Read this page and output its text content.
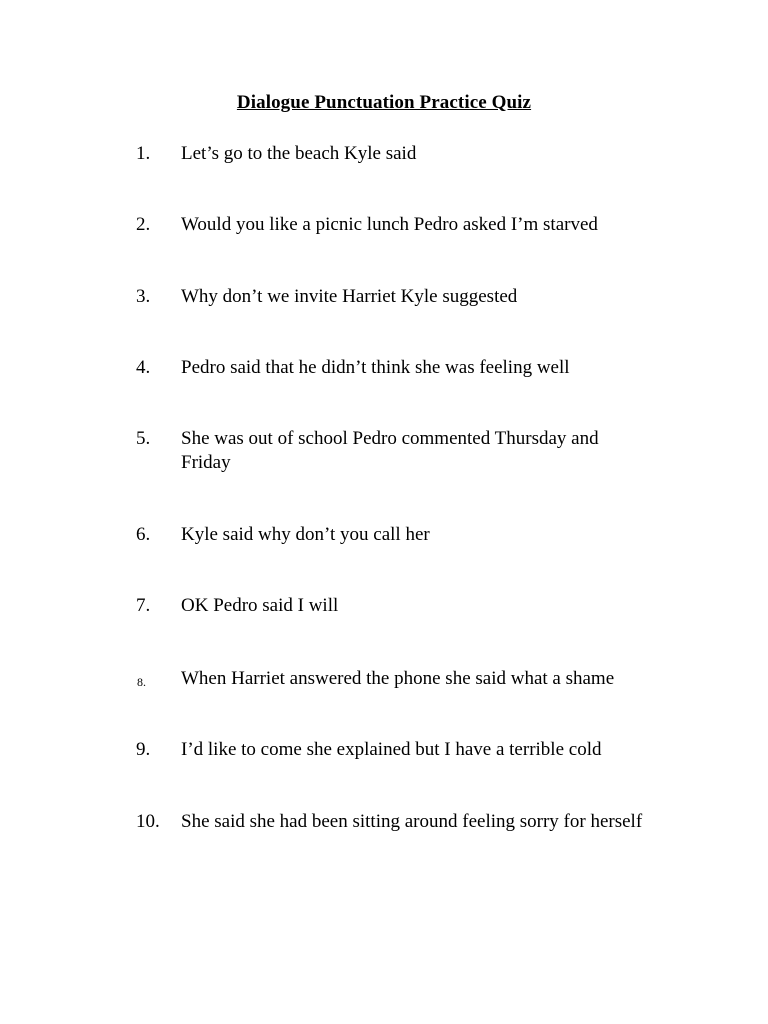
Dialogue Punctuation Practice Quiz
1.	Let’s go to the beach Kyle said
2.	Would you like a picnic lunch Pedro asked I’m starved
3.	Why don’t we invite Harriet Kyle suggested
4.	Pedro said that he didn’t think she was feeling well
5.	She was out of school Pedro commented Thursday and Friday
6.	Kyle said why don’t you call her
7.	OK Pedro said I will
8.	When Harriet answered the phone she said what a shame
9.	I’d like to come she explained but I have a terrible cold
10.	She said she had been sitting around feeling sorry for herself
